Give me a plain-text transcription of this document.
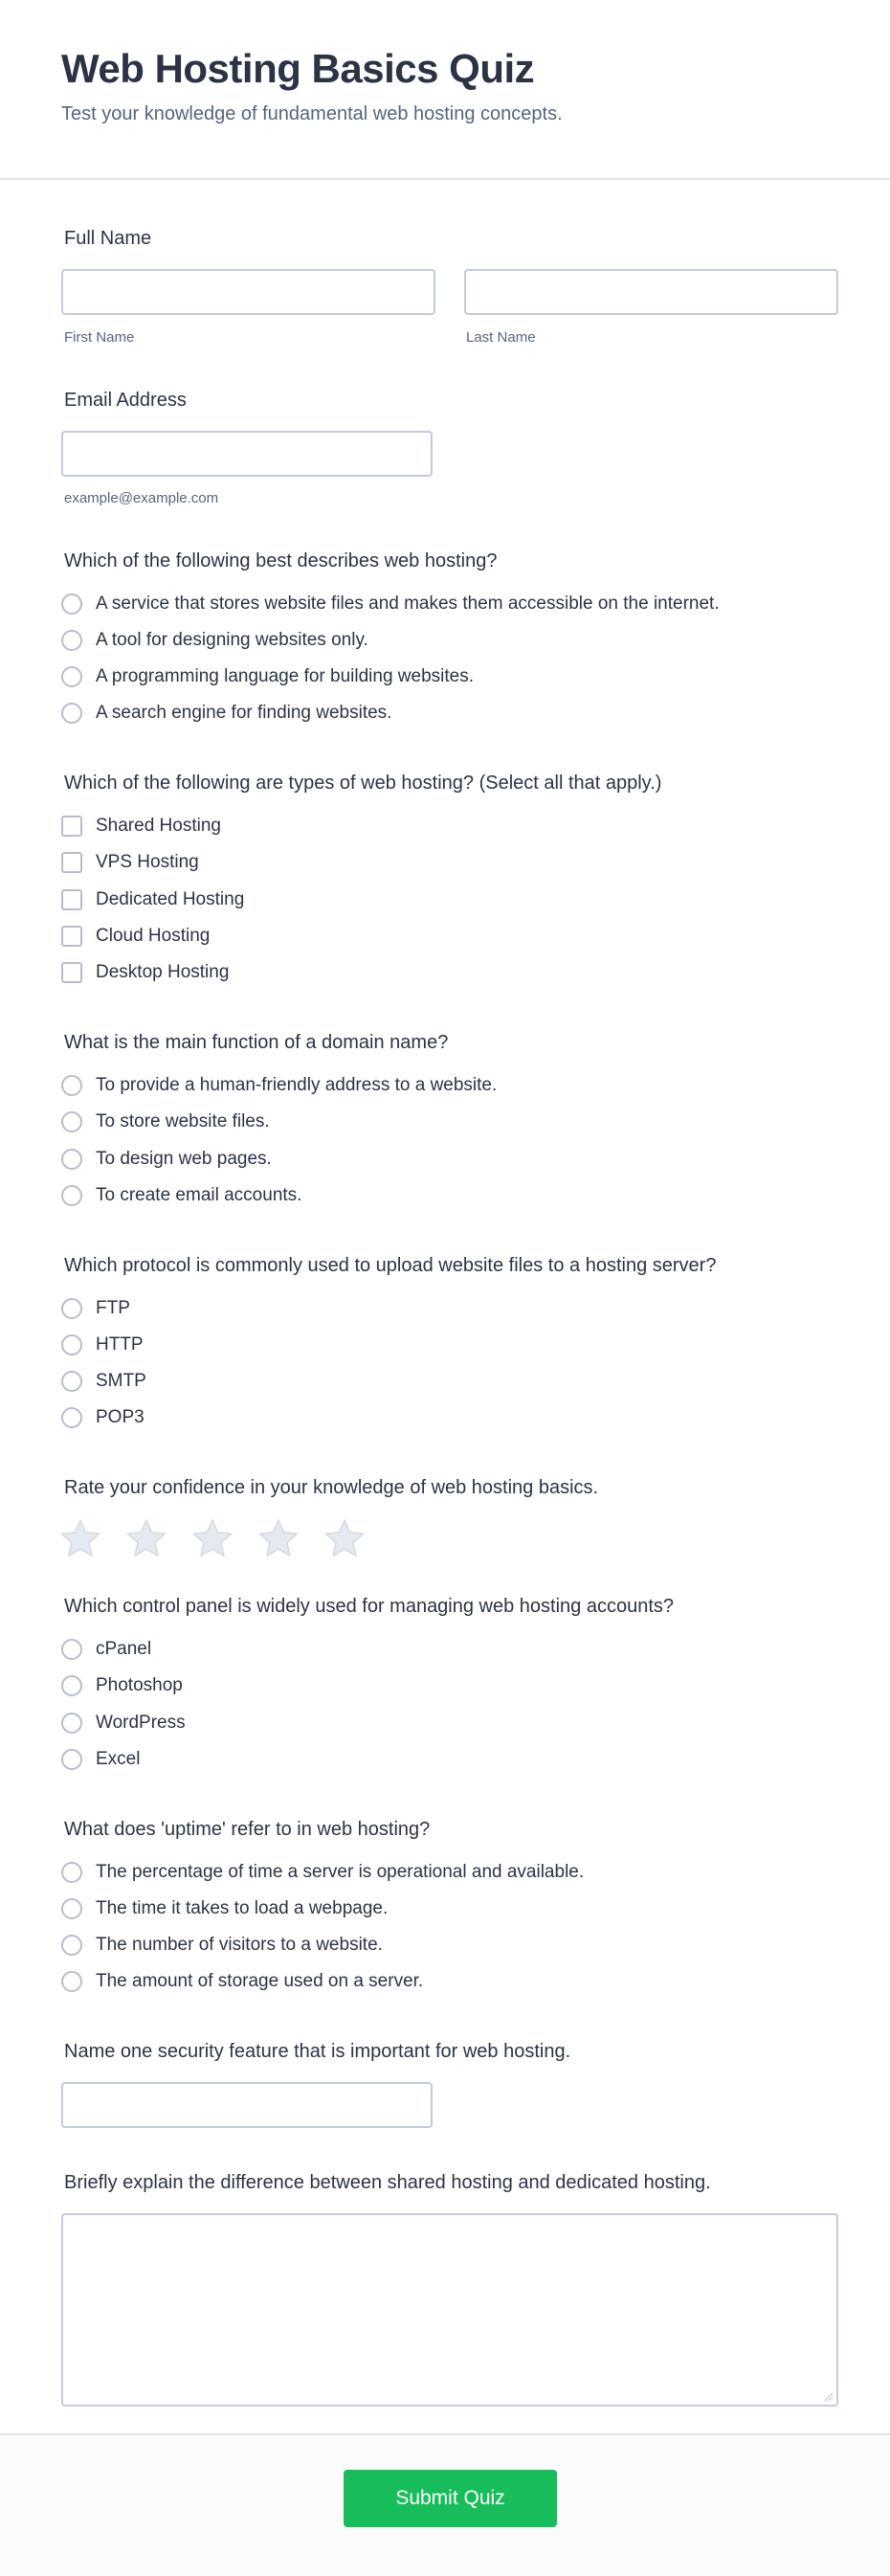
Web Hosting Basics Quiz
Test your knowledge of fundamental web hosting concepts.
Full Name
First Name	Last Name
Email Address
example@example.com
Which of the following best describes web hosting?
A service that stores website files and makes them accessible on the internet.
A tool for designing websites only.
A programming language for building websites.
A search engine for finding websites.
Which of the following are types of web hosting? (Select all that apply.)
Shared Hosting
VPS Hosting
Dedicated Hosting
Cloud Hosting
Desktop Hosting
What is the main function of a domain name?
To provide a human-friendly address to a website.
To store website files.
To design web pages.
To create email accounts.
Which protocol is commonly used to upload website files to a hosting server?
FTP
HTTP
SMTP
POP3
Rate your confidence in your knowledge of web hosting basics.
Which control panel is widely used for managing web hosting accounts?
cPanel
Photoshop
WordPress
Excel
What does 'uptime' refer to in web hosting?
The percentage of time a server is operational and available.
The time it takes to load a webpage.
The number of visitors to a website.
The amount of storage used on a server.
Name one security feature that is important for web hosting.
Briefly explain the difference between shared hosting and dedicated hosting.
Submit Quiz
